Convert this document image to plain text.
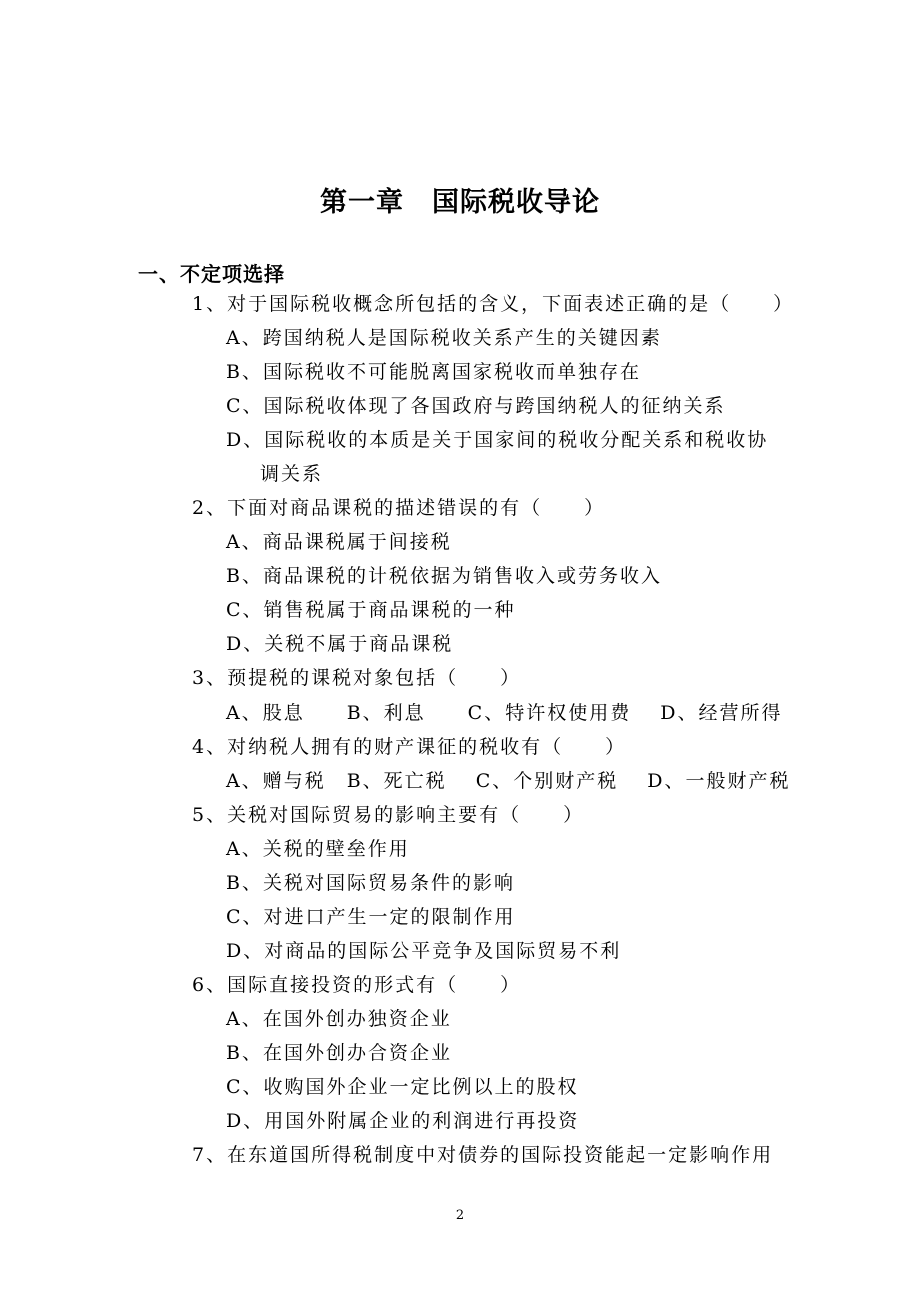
第一章　国际税收导论
一、不定项选择
1、对于国际税收概念所包括的含义，下面表述正确的是（　　）
A、跨国纳税人是国际税收关系产生的关键因素
B、国际税收不可能脱离国家税收而单独存在
C、国际税收体现了各国政府与跨国纳税人的征纳关系
D、国际税收的本质是关于国家间的税收分配关系和税收协
调关系
2、下面对商品课税的描述错误的有（　　）
A、商品课税属于间接税
B、商品课税的计税依据为销售收入或劳务收入
C、销售税属于商品课税的一种
D、关税不属于商品课税
3、预提税的课税对象包括（　　）
A、股息　　B、利息　　C、特许权使用费　 D、经营所得
4、对纳税人拥有的财产课征的税收有（　　）
A、赠与税　B、死亡税　 C、个别财产税　 D、一般财产税
5、关税对国际贸易的影响主要有（　　）
A、关税的壁垒作用
B、关税对国际贸易条件的影响
C、对进口产生一定的限制作用
D、对商品的国际公平竞争及国际贸易不利
6、国际直接投资的形式有（　　）
A、在国外创办独资企业
B、在国外创办合资企业
C、收购国外企业一定比例以上的股权
D、用国外附属企业的利润进行再投资
7、在东道国所得税制度中对债券的国际投资能起一定影响作用
2
